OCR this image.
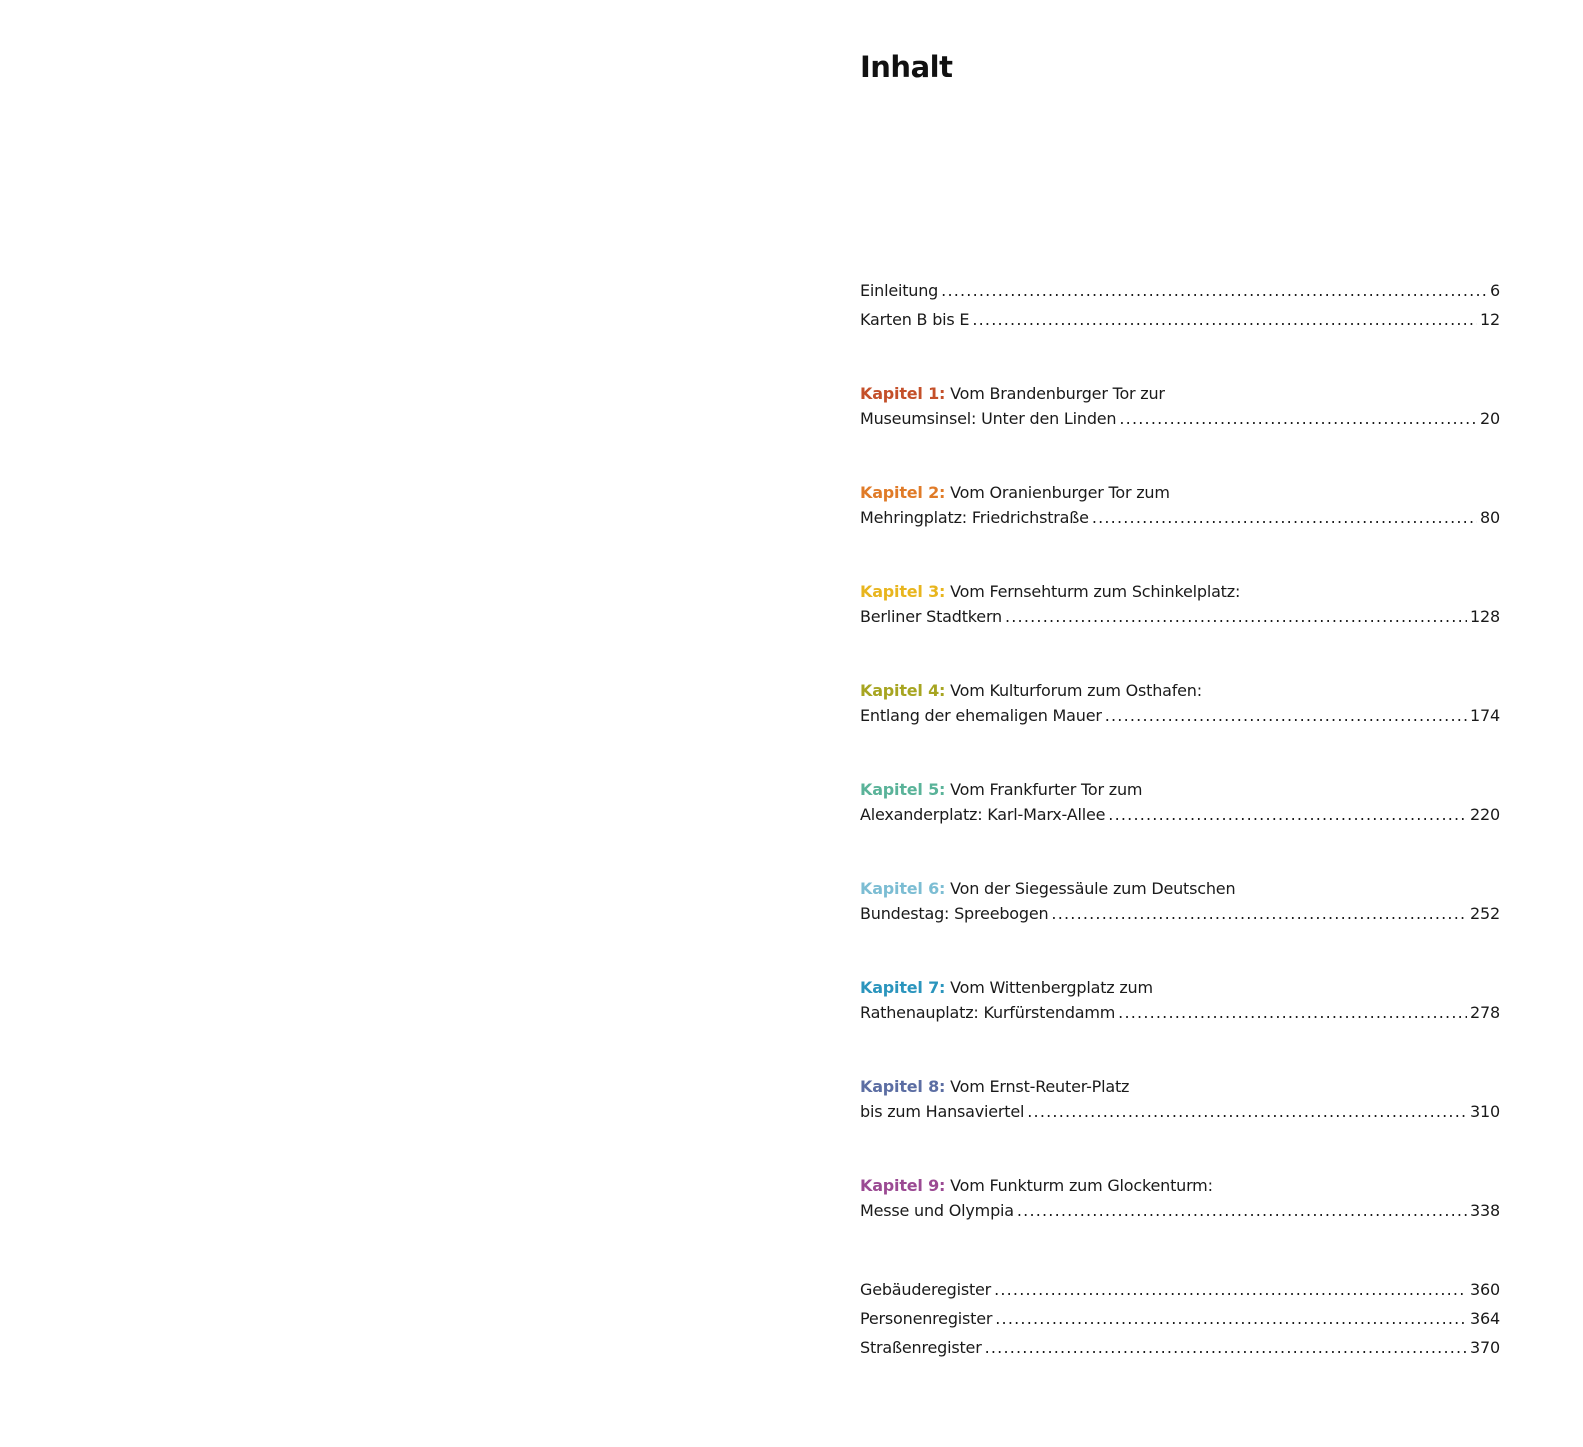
Inhalt
Einleitung .....	6
Karten B bis E .....	12
Kapitel 1: Vom Brandenburger Tor zur
Museumsinsel: Unter den Linden .....	20
Kapitel 2: Vom Oranienburger Tor zum
Mehringplatz: Friedrichstraße .....	80
Kapitel 3: Vom Fernsehturm zum Schinkelplatz:
Berliner Stadtkern .....	128
Kapitel 4: Vom Kulturforum zum Osthafen:
Entlang der ehemaligen Mauer .....	174
Kapitel 5: Vom Frankfurter Tor zum
Alexanderplatz: Karl-Marx-Allee .....	220
Kapitel 6: Von der Siegessäule zum Deutschen
Bundestag: Spreebogen .....	252
Kapitel 7: Vom Wittenbergplatz zum
Rathenauplatz: Kurfürstendamm .....	278
Kapitel 8: Vom Ernst-Reuter-Platz
bis zum Hansaviertel .....	310
Kapitel 9: Vom Funkturm zum Glockenturm:
Messe und Olympia .....	338
Gebäuderegister .....	360
Personenregister .....	364
Straßenregister .....	370
